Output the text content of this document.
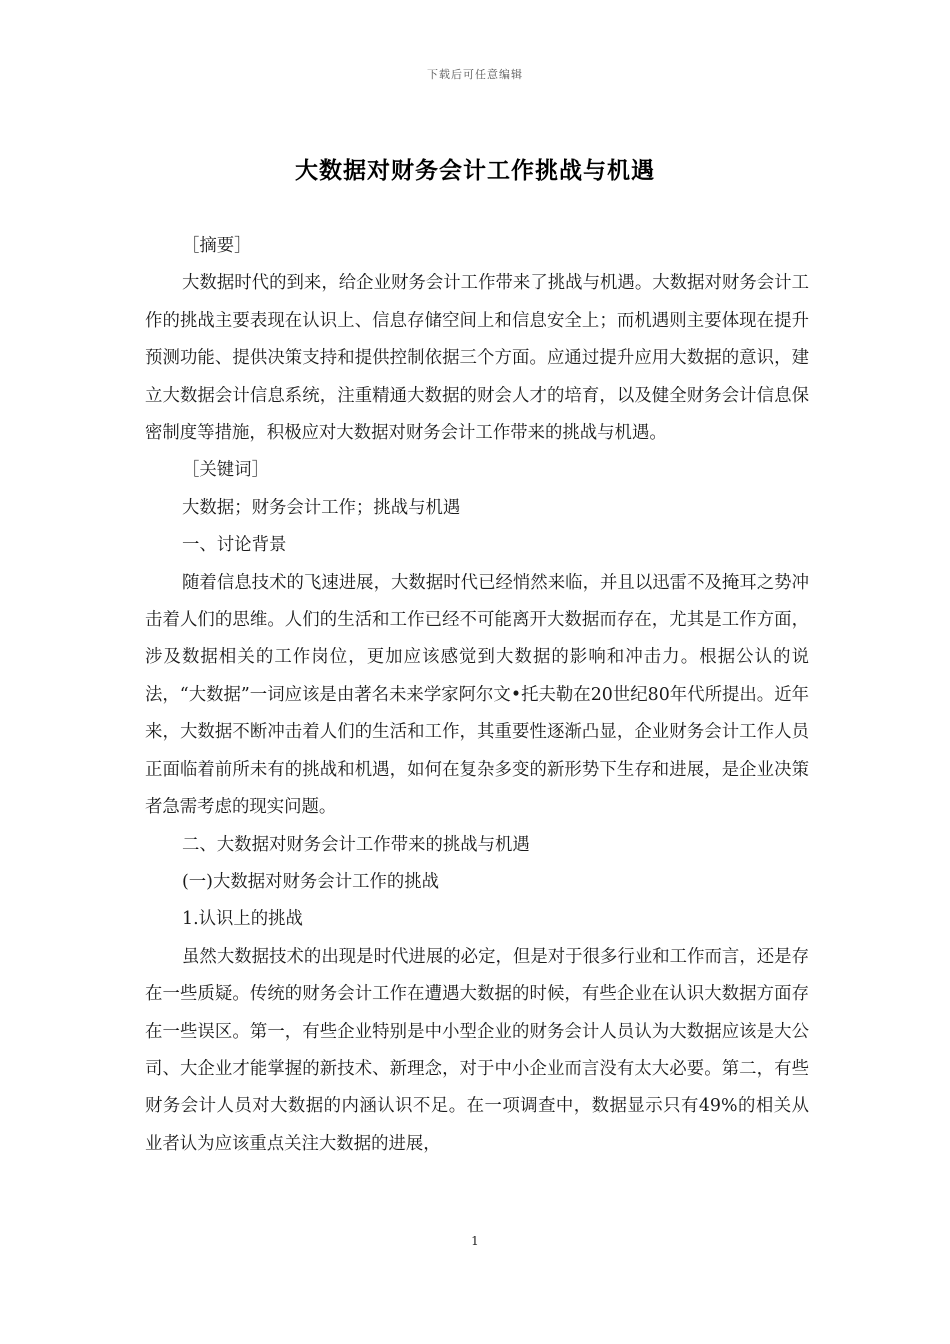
下载后可任意编辑
大数据对财务会计工作挑战与机遇

［摘要］

大数据时代的到来，给企业财务会计工作带来了挑战与机遇。大数据对财务会计工作的挑战主要表现在认识上、信息存储空间上和信息安全上；而机遇则主要体现在提升预测功能、提供决策支持和提供控制依据三个方面。应通过提升应用大数据的意识，建立大数据会计信息系统，注重精通大数据的财会人才的培育，以及健全财务会计信息保密制度等措施，积极应对大数据对财务会计工作带来的挑战与机遇。

［关键词］

大数据；财务会计工作；挑战与机遇

一、讨论背景

随着信息技术的飞速进展，大数据时代已经悄然来临，并且以迅雷不及掩耳之势冲击着人们的思维。人们的生活和工作已经不可能离开大数据而存在，尤其是工作方面，涉及数据相关的工作岗位，更加应该感觉到大数据的影响和冲击力。根据公认的说法，“大数据”一词应该是由著名未来学家阿尔文•托夫勒在20世纪80年代所提出。近年来，大数据不断冲击着人们的生活和工作，其重要性逐渐凸显，企业财务会计工作人员正面临着前所未有的挑战和机遇，如何在复杂多变的新形势下生存和进展，是企业决策者急需考虑的现实问题。

二、大数据对财务会计工作带来的挑战与机遇

(一)大数据对财务会计工作的挑战

1.认识上的挑战

虽然大数据技术的出现是时代进展的必定，但是对于很多行业和工作而言，还是存在一些质疑。传统的财务会计工作在遭遇大数据的时候，有些企业在认识大数据方面存在一些误区。第一，有些企业特别是中小型企业的财务会计人员认为大数据应该是大公司、大企业才能掌握的新技术、新理念，对于中小企业而言没有太大必要。第二，有些财务会计人员对大数据的内涵认识不足。在一项调查中，数据显示只有49%的相关从业者认为应该重点关注大数据的进展，

1
